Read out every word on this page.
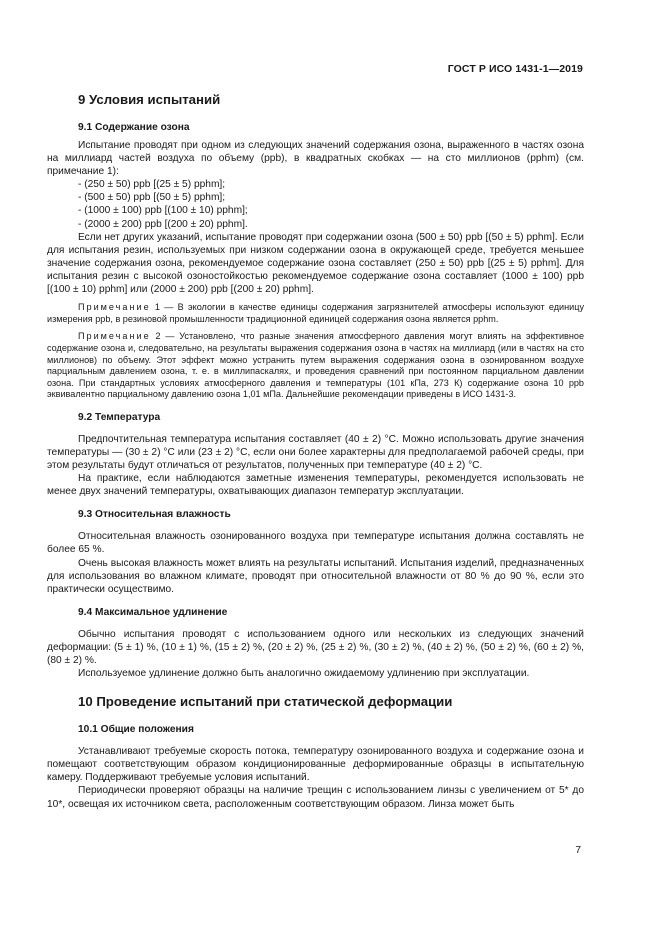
ГОСТ Р ИСО 1431-1—2019
9 Условия испытаний
9.1 Содержание озона

Испытание проводят при одном из следующих значений содержания озона, выраженного в частях озона на миллиард частей воздуха по объему (ppb), в квадратных скобках — на сто миллионов (pphm) (см. примечание 1):

- (250 ± 50) ppb [(25 ± 5) pphm];
- (500 ± 50) ppb [(50 ± 5) pphm];
- (1000 ± 100) ppb [(100 ± 10) pphm];
- (2000 ± 200) ppb [(200 ± 20) pphm].

Если нет других указаний, испытание проводят при содержании озона (500 ± 50) ppb [(50 ± 5) pphm]. Если для испытания резин, используемых при низком содержании озона в окружающей среде, требуется меньшее значение содержания озона, рекомендуемое содержание озона составляет (250 ± 50) ppb [(25 ± 5) pphm]. Для испытания резин с высокой озоностойкостью рекомендуемое содержание озона составляет (1000 ± 100) ppb [(100 ± 10) pphm] или (2000 ± 200) ppb [(200 ± 20) pphm].

Примечание 1 — В экологии в качестве единицы содержания загрязнителей атмосферы используют единицу измерения ppb, в резиновой промышленности традиционной единицей содержания озона является pphm.

Примечание 2 — Установлено, что разные значения атмосферного давления могут влиять на эффективное содержание озона и, следовательно, на результаты выражения содержания озона в частях на миллиард (или в частях на сто миллионов) по объему. Этот эффект можно устранить путем выражения содержания озона в озонированном воздухе парциальным давлением озона, т. е. в миллипаскалях, и проведения сравнений при постоянном парциальном давлении озона. При стандартных условиях атмосферного давления и температуры (101 кПа, 273 К) содержание озона 10 ppb эквивалентно парциальному давлению озона 1,01 мПа. Дальнейшие рекомендации приведены в ИСО 1431-3.

9.2 Температура

Предпочтительная температура испытания составляет (40 ± 2) °С. Можно использовать другие значения температуры — (30 ± 2) °С или (23 ± 2) °С, если они более характерны для предполагаемой рабочей среды, при этом результаты будут отличаться от результатов, полученных при температуре (40 ± 2) °С.

На практике, если наблюдаются заметные изменения температуры, рекомендуется использовать не менее двух значений температуры, охватывающих диапазон температур эксплуатации.

9.3 Относительная влажность

Относительная влажность озонированного воздуха при температуре испытания должна составлять не более 65 %.

Очень высокая влажность может влиять на результаты испытаний. Испытания изделий, предназначенных для использования во влажном климате, проводят при относительной влажности от 80 % до 90 %, если это практически осуществимо.

9.4 Максимальное удлинение

Обычно испытания проводят с использованием одного или нескольких из следующих значений деформации: (5 ± 1) %, (10 ± 1) %, (15 ± 2) %, (20 ± 2) %, (25 ± 2) %, (30 ± 2) %, (40 ± 2) %, (50 ± 2) %, (60 ± 2) %, (80 ± 2) %.

Используемое удлинение должно быть аналогично ожидаемому удлинению при эксплуатации.

10 Проведение испытаний при статической деформации
10.1 Общие положения

Устанавливают требуемые скорость потока, температуру озонированного воздуха и содержание озона и помещают соответствующим образом кондиционированные деформированные образцы в испытательную камеру. Поддерживают требуемые условия испытаний.

Периодически проверяют образцы на наличие трещин с использованием линзы с увеличением от 5* до 10*, освещая их источником света, расположенным соответствующим образом. Линза может быть

7
